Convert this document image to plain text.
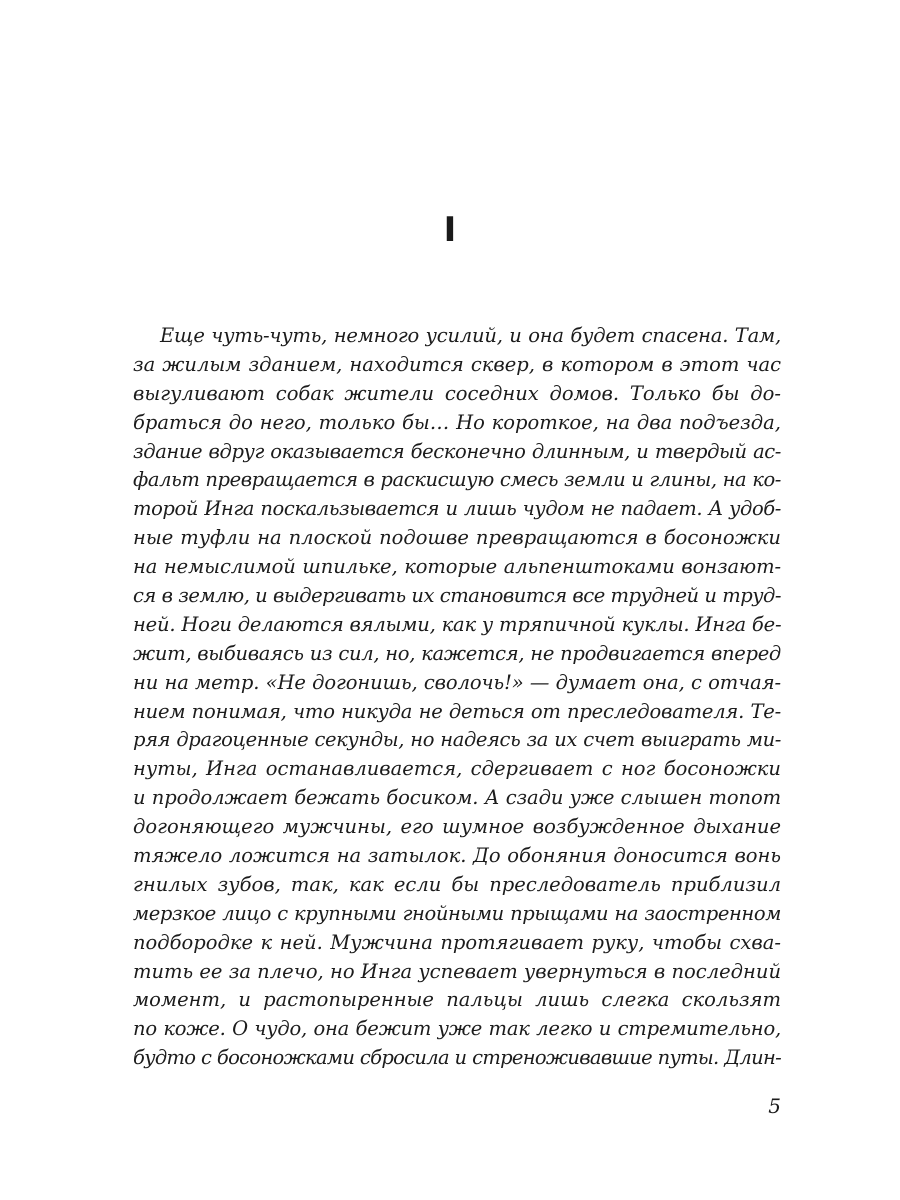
I
Еще чуть-чуть, немного усилий, и она будет спасена. Там,
за жилым зданием, находится сквер, в котором в этот час
выгуливают собак жители соседних домов. Только бы до-
браться до него, только бы… Но короткое, на два подъезда,
здание вдруг оказывается бесконечно длинным, и твердый ас-
фальт превращается в раскисшую смесь земли и глины, на ко-
торой Инга поскальзывается и лишь чудом не падает. А удоб-
ные туфли на плоской подошве превращаются в босоножки
на немыслимой шпильке, которые альпенштоками вонзают-
ся в землю, и выдергивать их становится все трудней и труд-
ней. Ноги делаются вялыми, как у тряпичной куклы. Инга бе-
жит, выбиваясь из сил, но, кажется, не продвигается вперед
ни на метр. «Не догонишь, сволочь!» — думает она, с отчая-
нием понимая, что никуда не деться от преследователя. Те-
ряя драгоценные секунды, но надеясь за их счет выиграть ми-
нуты, Инга останавливается, сдергивает с ног босоножки
и продолжает бежать босиком. А сзади уже слышен топот
догоняющего мужчины, его шумное возбужденное дыхание
тяжело ложится на затылок. До обоняния доносится вонь
гнилых зубов, так, как если бы преследователь приблизил
мерзкое лицо с крупными гнойными прыщами на заостренном
подбородке к ней. Мужчина протягивает руку, чтобы схва-
тить ее за плечо, но Инга успевает увернуться в последний
момент, и растопыренные пальцы лишь слегка скользят
по коже. О чудо, она бежит уже так легко и стремительно,
будто с босоножками сбросила и стреноживавшие путы. Длин-
5
